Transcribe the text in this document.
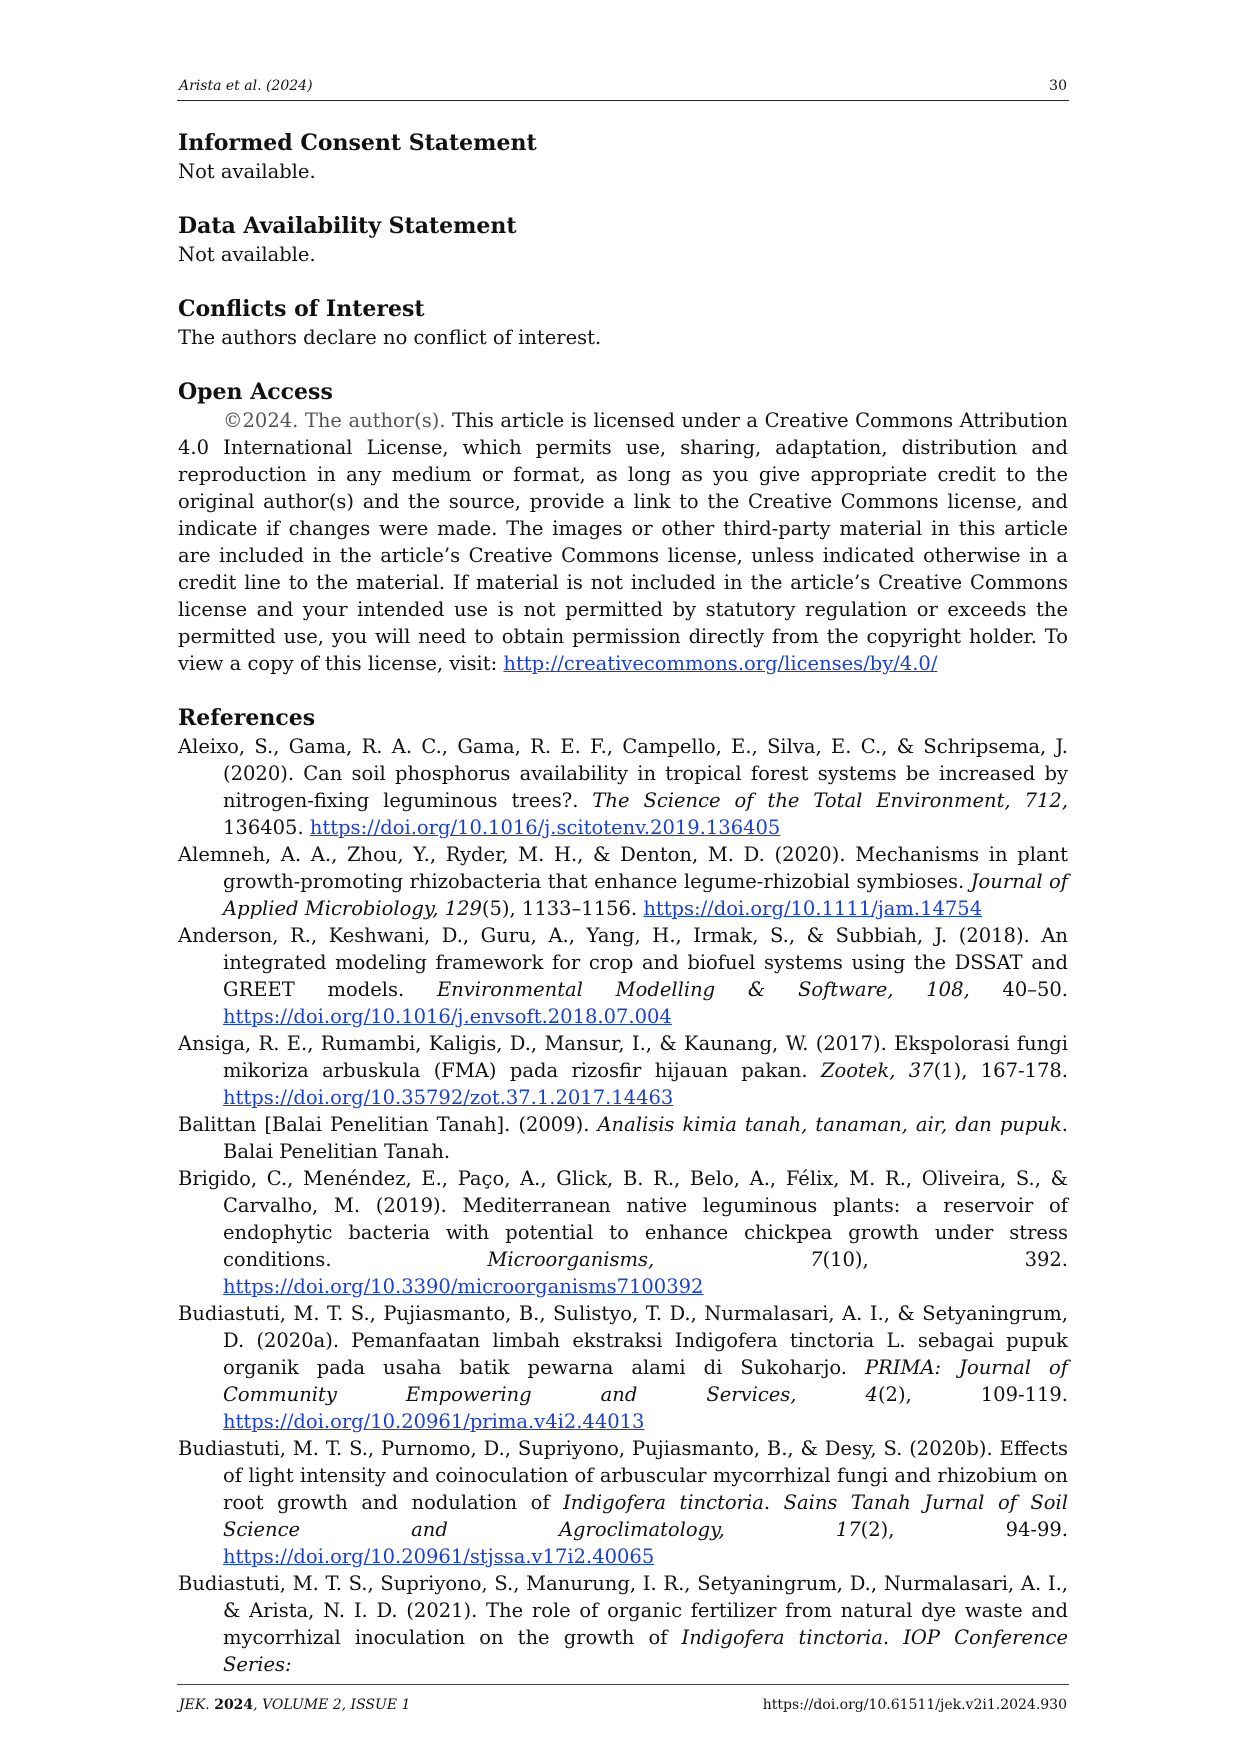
Arista et al. (2024)	30
Informed Consent Statement

Not available.

Data Availability Statement

Not available.

Conflicts of Interest

The authors declare no conflict of interest.

Open Access

©2024. The author(s). This article is licensed under a Creative Commons Attribution 4.0 International License, which permits use, sharing, adaptation, distribution and reproduction in any medium or format, as long as you give appropriate credit to the original author(s) and the source, provide a link to the Creative Commons license, and indicate if changes were made. The images or other third-party material in this article are included in the article’s Creative Commons license, unless indicated otherwise in a credit line to the material. If material is not included in the article’s Creative Commons license and your intended use is not permitted by statutory regulation or exceeds the permitted use, you will need to obtain permission directly from the copyright holder. To view a copy of this license, visit: http://creativecommons.org/licenses/by/4.0/

References

Aleixo, S., Gama, R. A. C., Gama, R. E. F., Campello, E., Silva, E. C., & Schripsema, J. (2020). Can soil phosphorus availability in tropical forest systems be increased by nitrogen-fixing leguminous trees?. The Science of the Total Environment, 712, 136405. https://doi.org/10.1016/j.scitotenv.2019.136405

Alemneh, A. A., Zhou, Y., Ryder, M. H., & Denton, M. D. (2020). Mechanisms in plant growth-promoting rhizobacteria that enhance legume-rhizobial symbioses. Journal of Applied Microbiology, 129(5), 1133–1156. https://doi.org/10.1111/jam.14754

Anderson, R., Keshwani, D., Guru, A., Yang, H., Irmak, S., & Subbiah, J. (2018). An integrated modeling framework for crop and biofuel systems using the DSSAT and GREET models. Environmental Modelling & Software, 108, 40–50. https://doi.org/10.1016/j.envsoft.2018.07.004

Ansiga, R. E., Rumambi, Kaligis, D., Mansur, I., & Kaunang, W. (2017). Ekspolorasi fungi mikoriza arbuskula (FMA) pada rizosfir hijauan pakan. Zootek, 37(1), 167-178. https://doi.org/10.35792/zot.37.1.2017.14463

Balittan [Balai Penelitian Tanah]. (2009). Analisis kimia tanah, tanaman, air, dan pupuk. Balai Penelitian Tanah.

Brigido, C., Menéndez, E., Paço, A., Glick, B. R., Belo, A., Félix, M. R., Oliveira, S., & Carvalho, M. (2019). Mediterranean native leguminous plants: a reservoir of endophytic bacteria with potential to enhance chickpea growth under stress conditions. Microorganisms, 7(10), 392. https://doi.org/10.3390/microorganisms7100392

Budiastuti, M. T. S., Pujiasmanto, B., Sulistyo, T. D., Nurmalasari, A. I., & Setyaningrum, D. (2020a). Pemanfaatan limbah ekstraksi Indigofera tinctoria L. sebagai pupuk organik pada usaha batik pewarna alami di Sukoharjo. PRIMA: Journal of Community Empowering and Services, 4(2), 109-119. https://doi.org/10.20961/prima.v4i2.44013

Budiastuti, M. T. S., Purnomo, D., Supriyono, Pujiasmanto, B., & Desy, S. (2020b). Effects of light intensity and coinoculation of arbuscular mycorrhizal fungi and rhizobium on root growth and nodulation of Indigofera tinctoria. Sains Tanah Jurnal of Soil Science and Agroclimatology, 17(2), 94-99. https://doi.org/10.20961/stjssa.v17i2.40065

Budiastuti, M. T. S., Supriyono, S., Manurung, I. R., Setyaningrum, D., Nurmalasari, A. I., & Arista, N. I. D. (2021). The role of organic fertilizer from natural dye waste and mycorrhizal inoculation on the growth of Indigofera tinctoria. IOP Conference Series:

JEK. 2024, VOLUME 2, ISSUE 1	https://doi.org/10.61511/jek.v2i1.2024.930
